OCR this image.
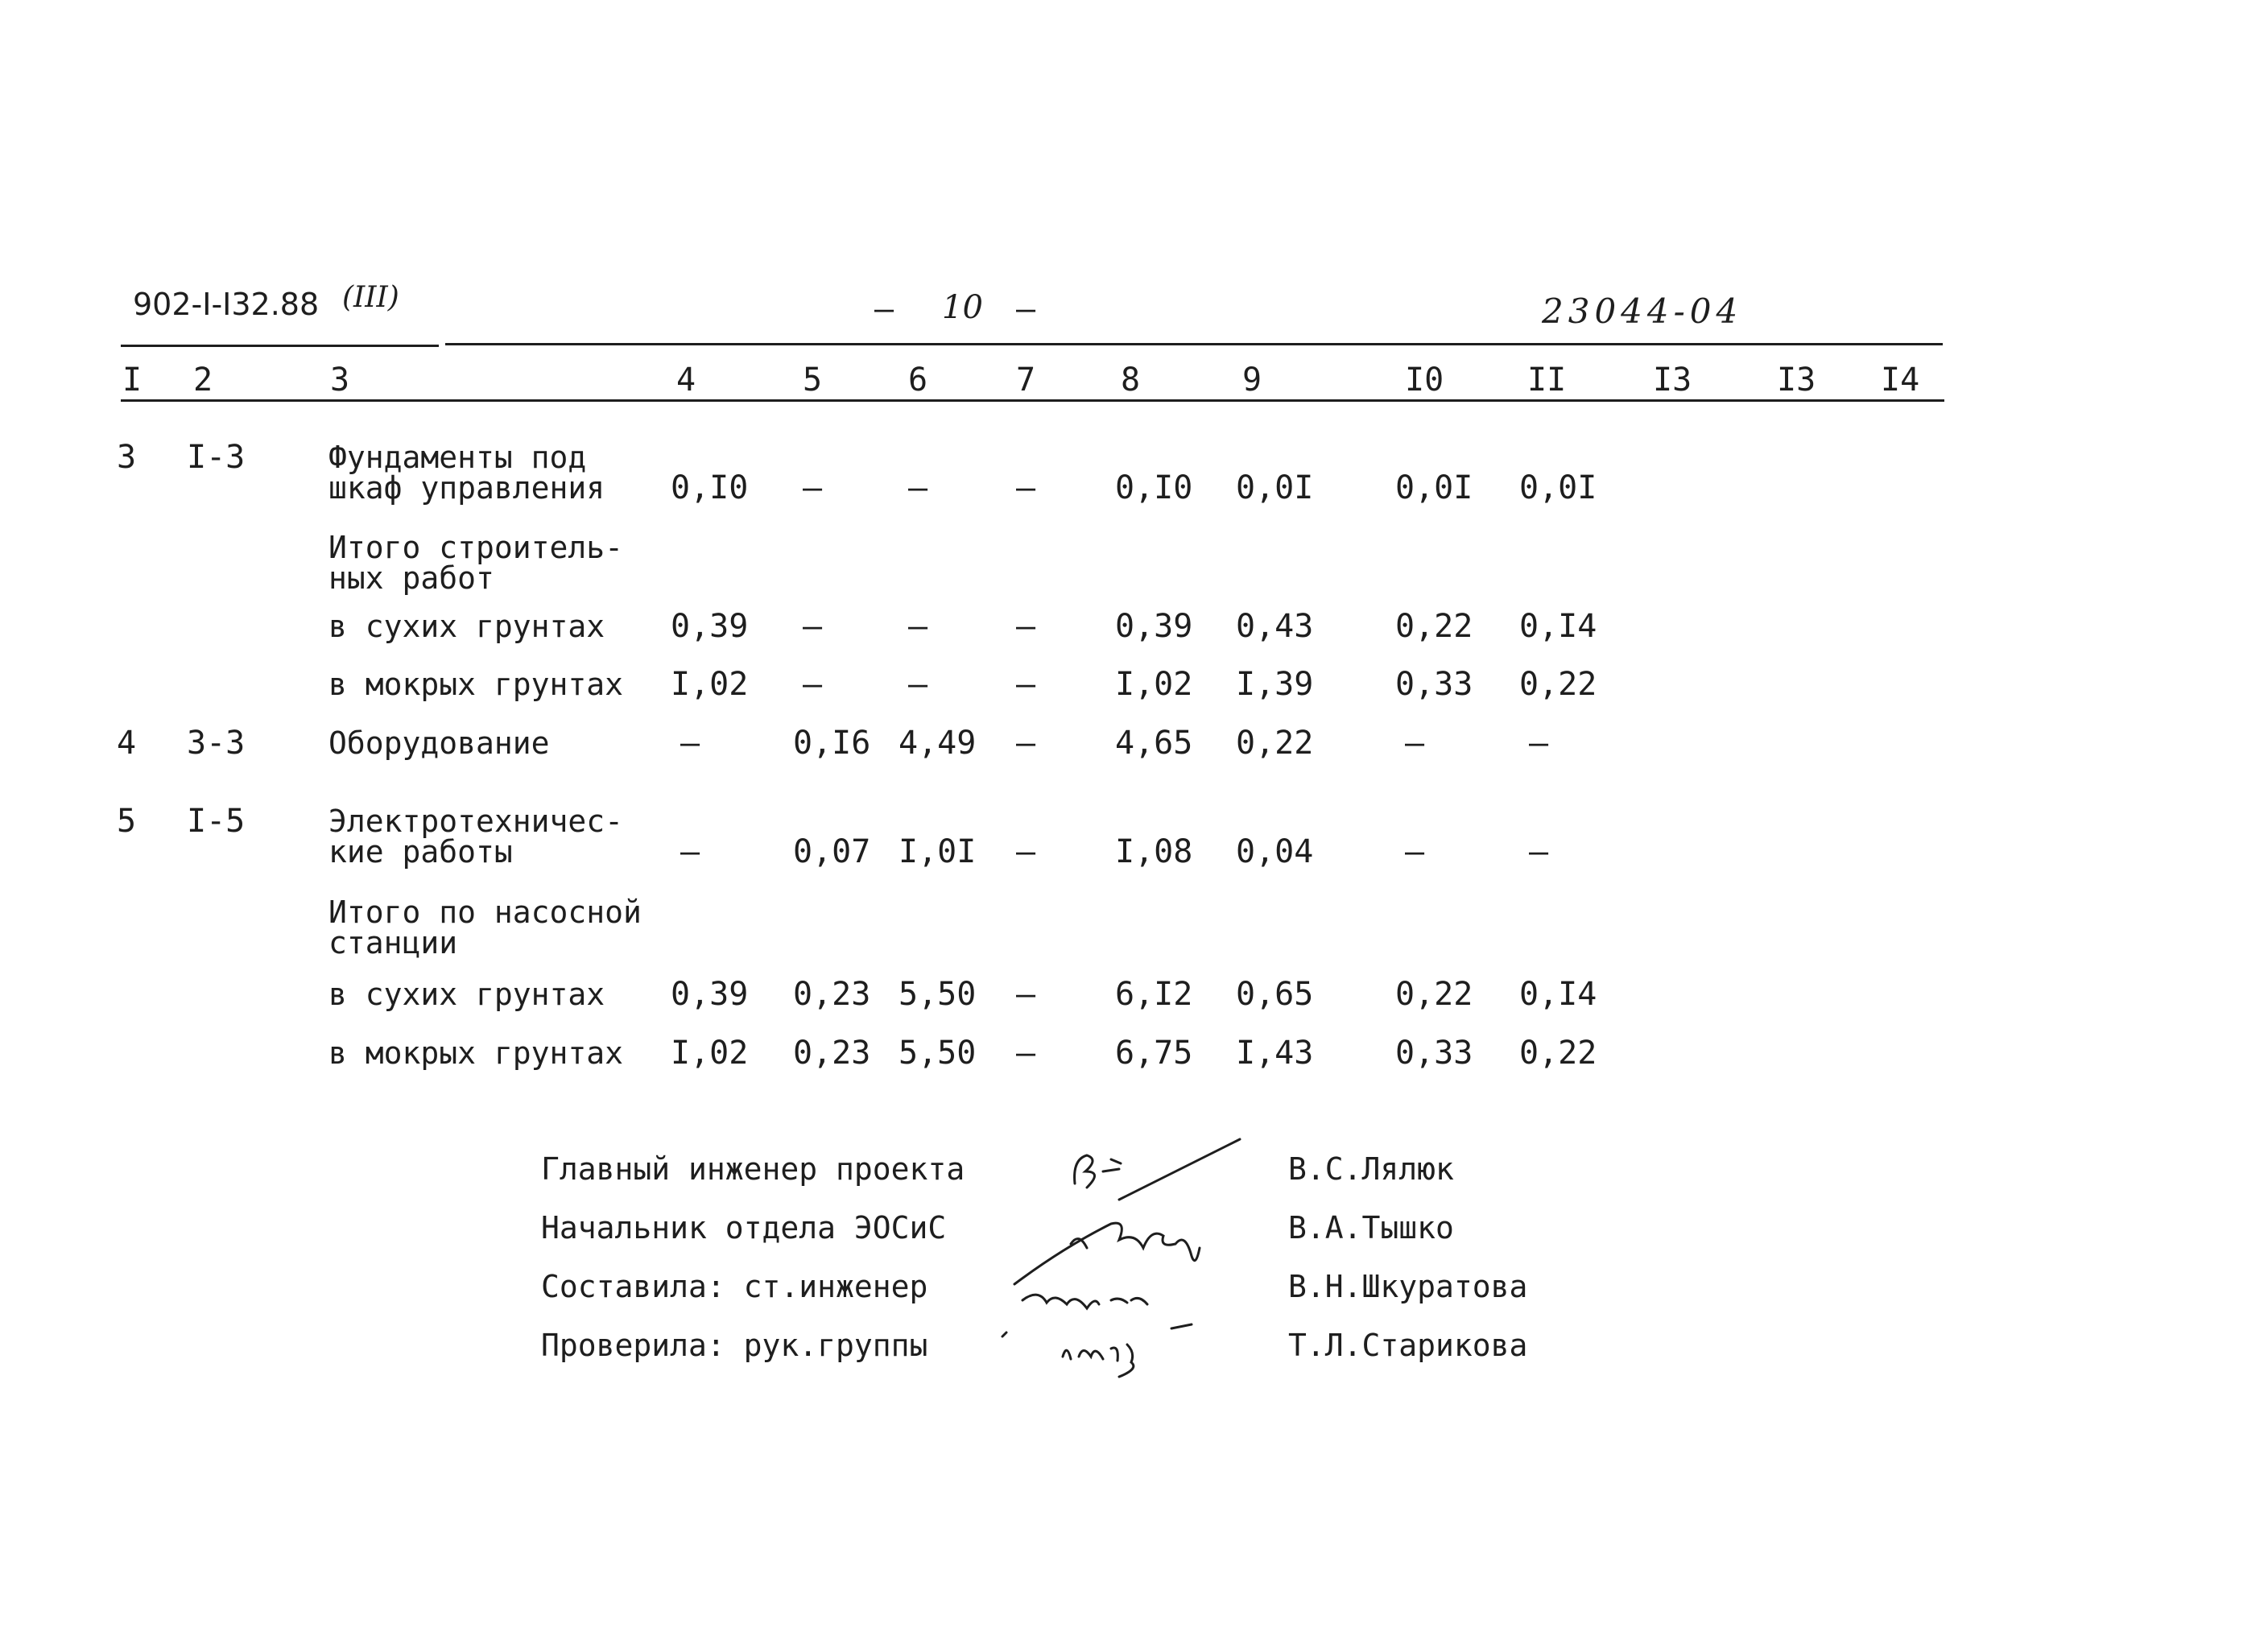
902-I-I32.88 (III)	– 10 –	23044-04
I 2	3	4	5	6	7	8	9	I0	II	I3	I3 I4
3 I-3	Фундаменты под
шкаф управления 0,I0 –	–	– 0,I0 0,0I	0,0I 0,0I
Итого строитель-
ных работ
в сухих грунтах 0,39 –	–	– 0,39 0,43	0,22 0,I4
в мокрых грунтах I,02 –	–	– I,02 I,39	0,33 0,22
4 3-3	Оборудование	–	0,I6 4,49 – 4,65 0,22	–	–
5 I-5	Электротехничес-
кие работы	–	0,07 I,0I – I,08 0,04	–	–
Итого по насосной
станции
в сухих грунтах 0,39 0,23 5,50 – 6,I2 0,65	0,22 0,I4
в мокрых грунтах I,02 0,23 5,50 – 6,75 I,43	0,33 0,22
Главный инженер проекта	В.С.Лялюк
Начальник отдела ЭОСиС	В.А.Тышко
Составила: ст.инженер	В.Н.Шкуратова
Проверила: рук.группы	Т.Л.Старикова
